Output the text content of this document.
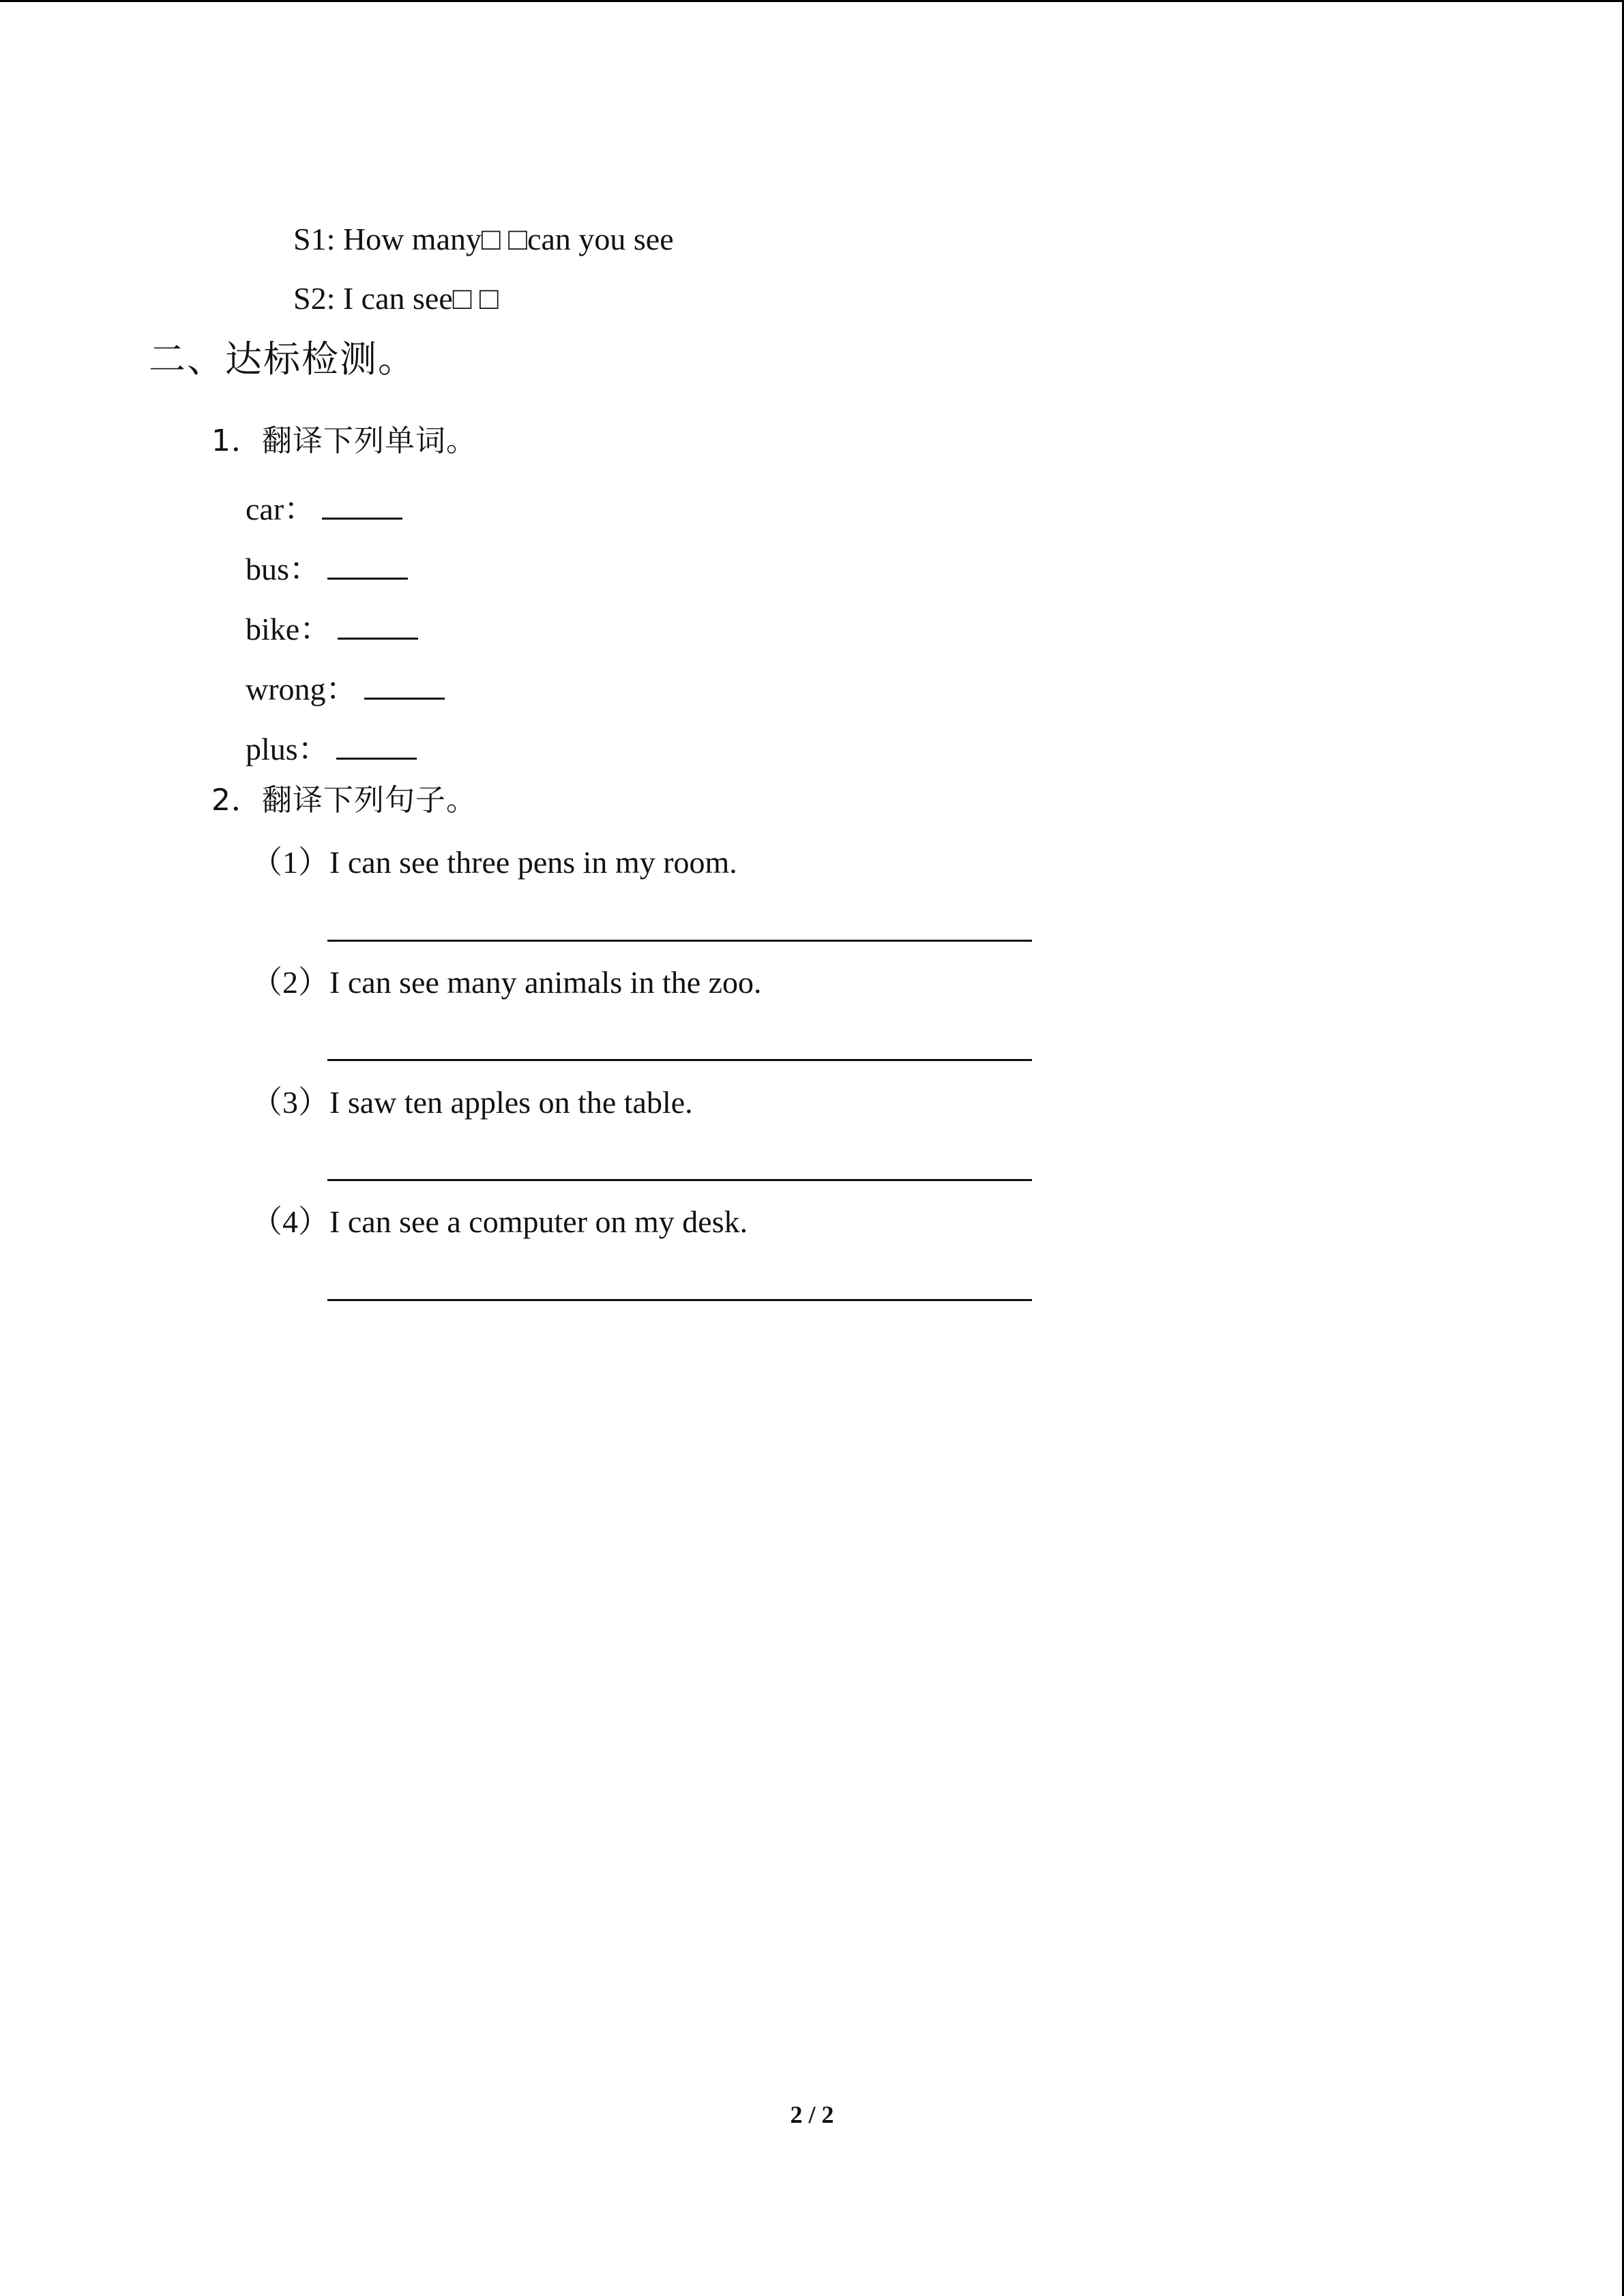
S1: How many□ □can you see
S2: I can see□ □
二、达标检测。
1．翻译下列单词。
car：
bus：
bike：
wrong：
plus：
2．翻译下列句子。
（1）I can see three pens in my room.
（2）I can see many animals in the zoo.
（3）I saw ten apples on the table.
（4）I can see a computer on my desk.
2 / 2
